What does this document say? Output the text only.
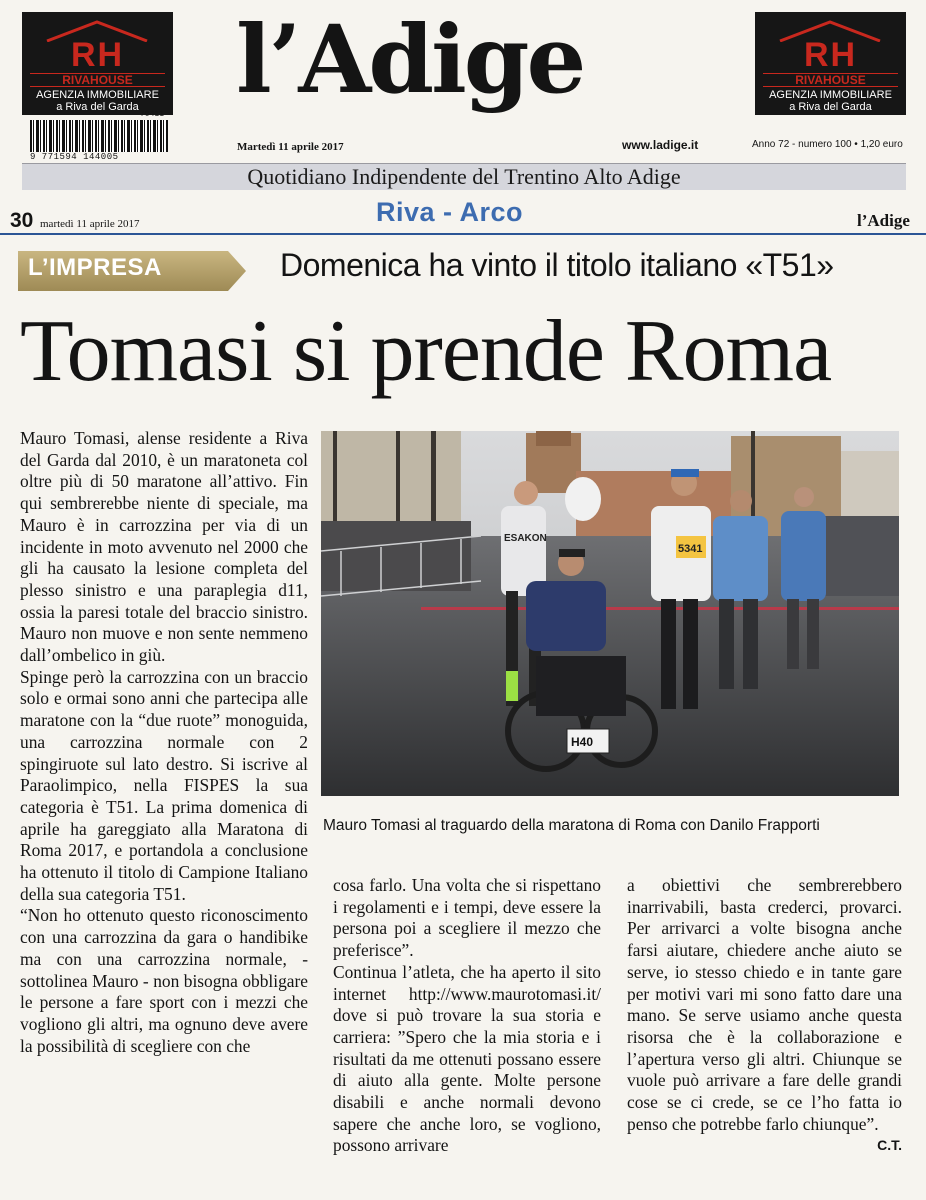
RH
RIVAHOUSE
AGENZIA IMMOBILIARE
a Riva del Garda
RH
RIVAHOUSE
AGENZIA IMMOBILIARE
a Riva del Garda
9 771594 144005
70411 l’Adige
Martedì 11 aprile 2017	www.ladige.it	Anno 72 - numero 100 • 1,20 euro
Quotidiano Indipendente del Trentino Alto Adige
30 martedì 11 aprile 2017	Riva - Arco	l’Adige
L’IMPRESA	Domenica ha vinto il titolo italiano «T51»
Tomasi si prende Roma

Mauro Tomasi, alense residente a Riva del Garda dal 2010, è un maratoneta col oltre più di 50 maratone all’attivo. Fin qui sembrerebbe niente di speciale, ma Mauro è in carrozzina per via di un incidente in moto avvenuto nel 2000 che gli ha causato la lesione completa del plesso sinistro e una paraplegia d11, ossia la paresi totale del braccio sinistro. Mauro non muove e non sente nemmeno dall’ombelico in giù.

Spinge però la carrozzina con un braccio solo e ormai sono anni che partecipa alle maratone con la “due ruote” monoguida, una carrozzina normale con 2 spingiruote sul lato destro. Si iscrive al Paraolimpico, nella FISPES la sua categoria è T51. La prima domenica di aprile ha gareggiato alla Maratona di Roma 2017, e portandola a conclusione ha ottenuto il titolo di Campione Italiano della sua categoria T51.

“Non ho ottenuto questo riconoscimento con una carrozzina da gara o handibike ma con una carrozzina normale, - sottolinea Mauro - non bisogna obbligare le persone a fare sport con i mezzi che vogliono gli altri, ma ognuno deve avere la possibilità di scegliere con che

ESAKON
H40
5341
Mauro Tomasi al traguardo della maratona di Roma con Danilo Frapporti

cosa farlo. Una volta che si rispettano i regolamenti e i tempi, deve essere la persona poi a scegliere il mezzo che preferisce”.

Continua l’atleta, che ha aperto il sito internet http://www.maurotomasi.it/ dove si può trovare la sua storia e carriera: ”Spero che la mia storia e i risultati da me ottenuti possano essere di aiuto alla gente. Molte persone disabili e anche normali devono sapere che anche loro, se vogliono, possono arrivare

a obiettivi che sembrerebbero inarrivabili, basta crederci, provarci. Per arrivarci a volte bisogna anche farsi aiutare, chiedere anche aiuto se serve, io stesso chiedo e in tante gare per motivi vari mi sono fatto dare una mano. Se serve usiamo anche questa risorsa che è la collaborazione e l’apertura verso gli altri. Chiunque se vuole può arrivare a fare delle grandi cose se ci crede, se ce l’ho fatta io penso che potrebbe farlo chiunque”.
C.T.
